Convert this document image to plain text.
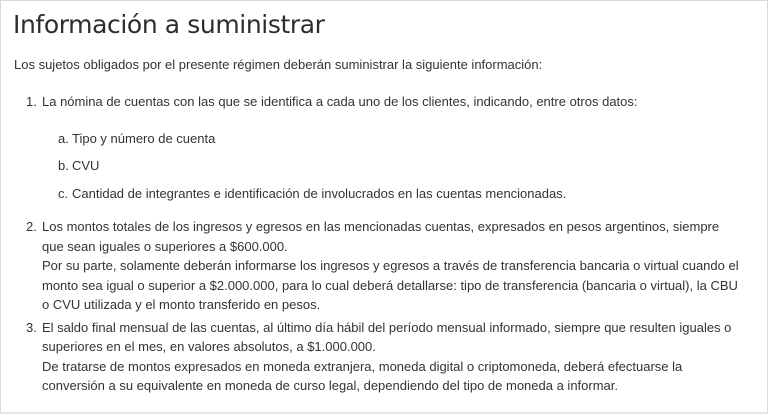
Información a suministrar

Los sujetos obligados por el presente régimen deberán suministrar la siguiente información:

1. La nómina de cuentas con las que se identifica a cada uno de los clientes, indicando, entre otros datos:
a. Tipo y número de cuenta
b. CVU
c. Cantidad de integrantes e identificación de involucrados en las cuentas mencionadas.
2. Los montos totales de los ingresos y egresos en las mencionadas cuentas, expresados en pesos argentinos, siempre que sean iguales o superiores a $600.000.
Por su parte, solamente deberán informarse los ingresos y egresos a través de transferencia bancaria o virtual cuando el monto sea igual o superior a $2.000.000, para lo cual deberá detallarse: tipo de transferencia (bancaria o virtual), la CBU o CVU utilizada y el monto transferido en pesos.
3. El saldo final mensual de las cuentas, al último día hábil del período mensual informado, siempre que resulten iguales o superiores en el mes, en valores absolutos, a $1.000.000.
De tratarse de montos expresados en moneda extranjera, moneda digital o criptomoneda, deberá efectuarse la conversión a su equivalente en moneda de curso legal, dependiendo del tipo de moneda a informar.
